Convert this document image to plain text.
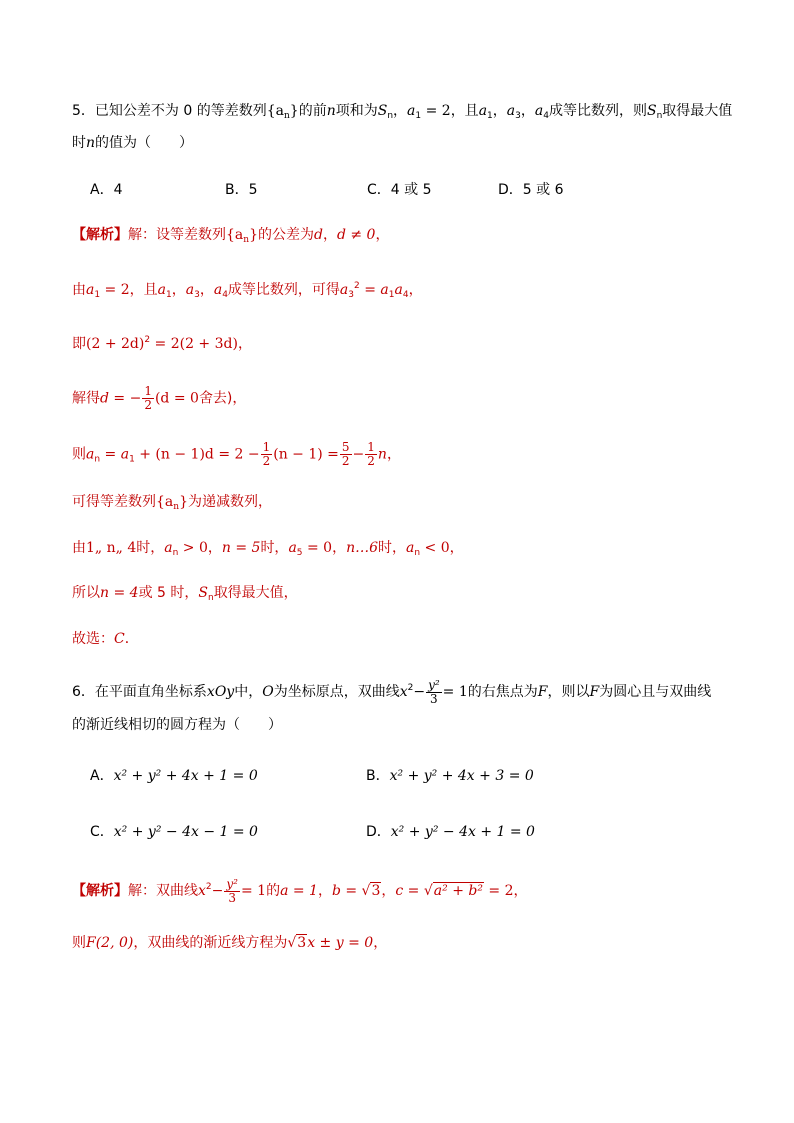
5．已知公差不为 0 的等差数列$\{a_n\}$的前n项和为$S_n$，$a_1 = 2$，且$a_1$，$a_3$，$a_4$成等比数列，则$S_n$取得最大值
时n的值为（　　）
A．4	B．5	C．4 或 5	D．5 或 6
【解析】解：设等差数列$\{a_n\}$的公差为d，d ≠ 0，
由$a_1 = 2$，且$a_1$，$a_3$，$a_4$成等比数列，可得$a_3^2 = a_1a_4$，
即$(2 + 2d)^2 = 2(2 + 3d)$，
解得d = − $\frac{1}{2} (d = 0$舍去)，
则$a_n = a_1 + (n - 1)d = 2 - \frac{1}{2} (n - 1) = \frac{5}{2} - \frac{1}{2}$ n，
可得等差数列$\{a_n\}$为递减数列，
由1„ n„ 4时，$a_n > 0$，n = 5时，$a_5 = 0$，n…6时，$a_n < 0$，
所以n = 4或 5 时，$S_n$取得最大值，
故选：C．
6．在平面直角坐标系xOy中，O为坐标原点，双曲线$x^2- \frac{\text{y²}}{3} = 1$的右焦点为F，则以F为圆心且与双曲线
的渐近线相切的圆方程为（　　）
A．x² + y² + 4x + 1 = 0	B．x² + y² + 4x + 3 = 0
C．x² + y² − 4x − 1 = 0	D．x² + y² − 4x + 1 = 0
【解析】解：双曲线$x^2- \frac{\text{y²}}{3} = 1$的a = 1，b = √3，c = √a² + b² = 2，
则F(2, 0)，双曲线的渐近线方程为√3x ± y = 0，
